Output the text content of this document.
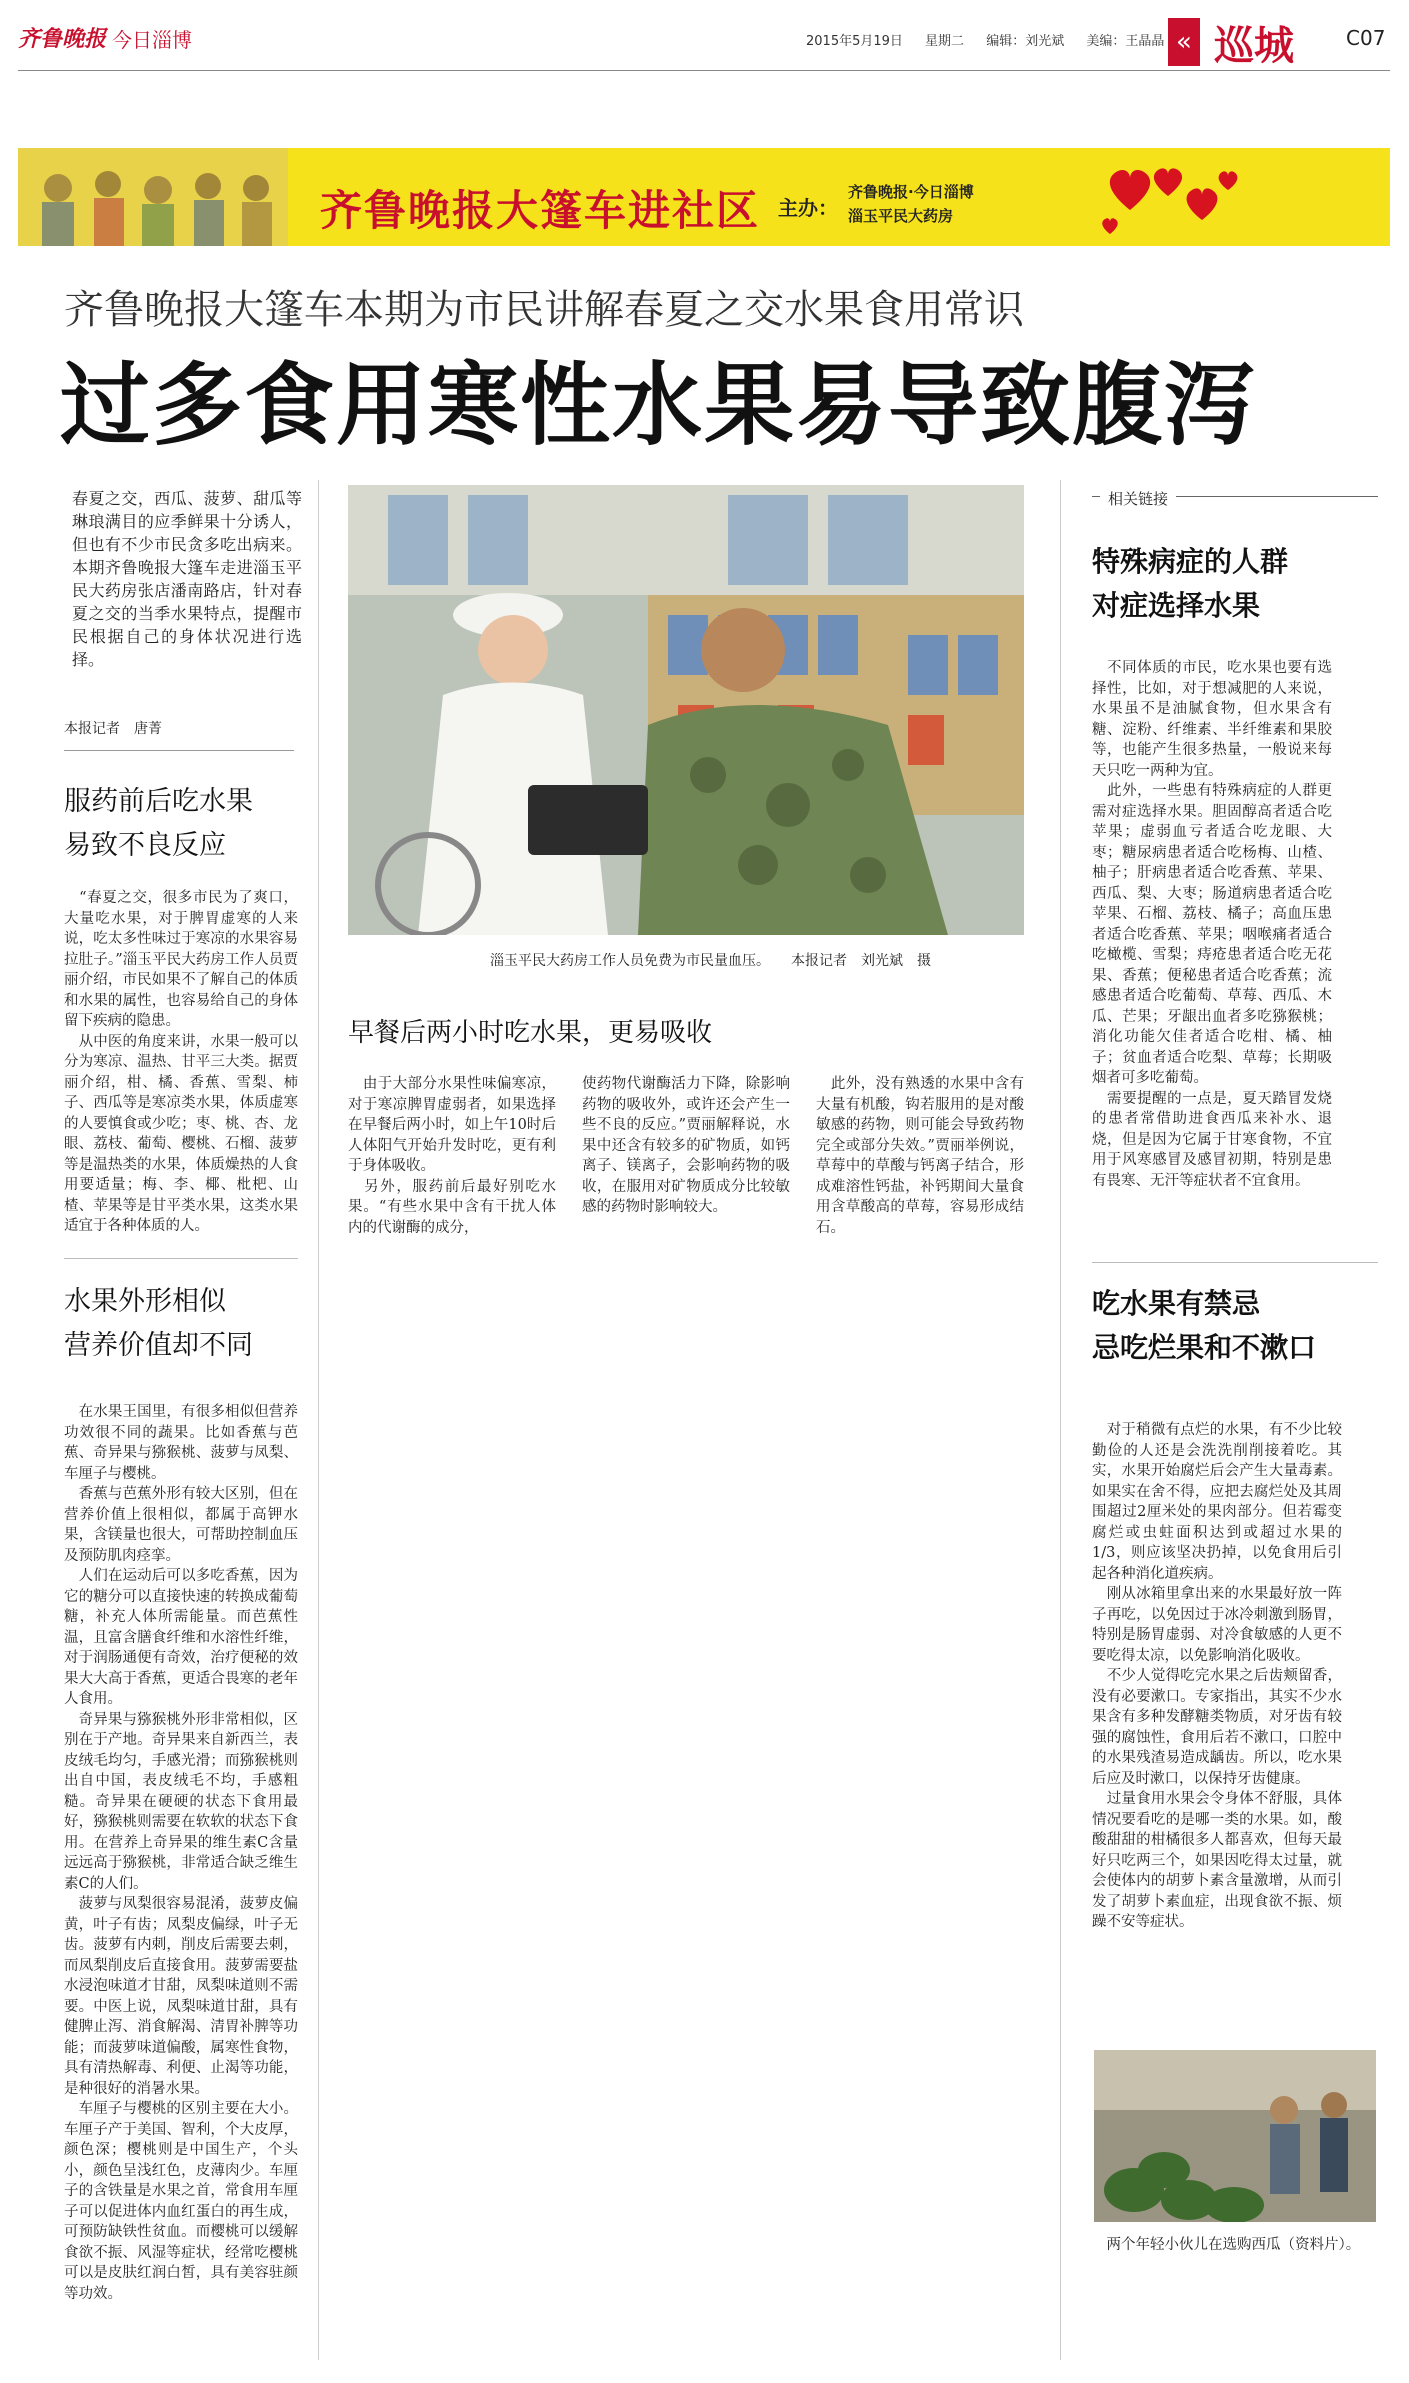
齐鲁晚报 今日淄博	2015年5月19日 星期二 编辑：刘光斌 美编：王晶晶 « 巡城	C07
齐鲁晚报大篷车进社区 主办：
齐鲁晚报·今日淄博
淄玉平民大药房
齐鲁晚报大篷车本期为市民讲解春夏之交水果食用常识
过多食用寒性水果易导致腹泻
春夏之交，西瓜、菠萝、甜瓜等琳琅满目的应季鲜果十分诱人，但也有不少市民贪多吃出病来。本期齐鲁晚报大篷车走进淄玉平民大药房张店潘南路店，针对春夏之交的当季水果特点，提醒市民根据自己的身体状况进行选择。
本报记者　唐菁
服药前后吃水果
易致不良反应
　“春夏之交，很多市民为了爽口，大量吃水果，对于脾胃虚寒的人来说，吃太多性味过于寒凉的水果容易拉肚子。”淄玉平民大药房工作人员贾丽介绍，市民如果不了解自己的体质和水果的属性，也容易给自己的身体留下疾病的隐患。
　从中医的角度来讲，水果一般可以分为寒凉、温热、甘平三大类。据贾丽介绍，柑、橘、香蕉、雪梨、柿子、西瓜等是寒凉类水果，体质虚寒的人要慎食或少吃；枣、桃、杏、龙眼、荔枝、葡萄、樱桃、石榴、菠萝等是温热类的水果，体质燥热的人食用要适量；梅、李、椰、枇杷、山楂、苹果等是甘平类水果，这类水果适宜于各种体质的人。
水果外形相似
营养价值却不同
　在水果王国里，有很多相似但营养功效很不同的蔬果。比如香蕉与芭蕉、奇异果与猕猴桃、菠萝与凤梨、车厘子与樱桃。
　香蕉与芭蕉外形有较大区别，但在营养价值上很相似，都属于高钾水果，含镁量也很大，可帮助控制血压及预防肌肉痉挛。
　人们在运动后可以多吃香蕉，因为它的糖分可以直接快速的转换成葡萄糖，补充人体所需能量。而芭蕉性温，且富含膳食纤维和水溶性纤维，对于润肠通便有奇效，治疗便秘的效果大大高于香蕉，更适合畏寒的老年人食用。
　奇异果与猕猴桃外形非常相似，区别在于产地。奇异果来自新西兰，表皮绒毛均匀，手感光滑；而猕猴桃则出自中国，表皮绒毛不均，手感粗糙。奇异果在硬硬的状态下食用最好，猕猴桃则需要在软软的状态下食用。在营养上奇异果的维生素C含量远远高于猕猴桃，非常适合缺乏维生素C的人们。
　菠萝与凤梨很容易混淆，菠萝皮偏黄，叶子有齿；凤梨皮偏绿，叶子无齿。菠萝有内刺，削皮后需要去刺，而凤梨削皮后直接食用。菠萝需要盐水浸泡味道才甘甜，凤梨味道则不需要。中医上说，凤梨味道甘甜，具有健脾止泻、消食解渴、清胃补脾等功能；而菠萝味道偏酸，属寒性食物，具有清热解毒、利便、止渴等功能，是种很好的消暑水果。
　车厘子与樱桃的区别主要在大小。车厘子产于美国、智利，个大皮厚，颜色深；樱桃则是中国生产，个头小，颜色呈浅红色，皮薄肉少。车厘子的含铁量是水果之首，常食用车厘子可以促进体内血红蛋白的再生成，可预防缺铁性贫血。而樱桃可以缓解食欲不振、风湿等症状，经常吃樱桃可以是皮肤红润白皙，具有美容驻颜等功效。
淄玉平民大药房工作人员免费为市民量血压。　　本报记者　刘光斌　摄
早餐后两小时吃水果，更易吸收
　由于大部分水果性味偏寒凉，对于寒凉脾胃虚弱者，如果选择在早餐后两小时，如上午10时后人体阳气开始升发时吃，更有利于身体吸收。
　另外，服药前后最好别吃水果。“有些水果中含有干扰人体内的代谢酶的成分，
使药物代谢酶活力下降，除影响药物的吸收外，或许还会产生一些不良的反应。”贾丽解释说，水果中还含有较多的矿物质，如钙离子、镁离子，会影响药物的吸收，在服用对矿物质成分比较敏感的药物时影响较大。
　此外，没有熟透的水果中含有大量有机酸，钩若服用的是对酸敏感的药物，则可能会导致药物完全或部分失效。”贾丽举例说，草莓中的草酸与钙离子结合，形成难溶性钙盐，补钙期间大量食用含草酸高的草莓，容易形成结石。
相关链接
特殊病症的人群
对症选择水果
　不同体质的市民，吃水果也要有选择性，比如，对于想减肥的人来说，水果虽不是油腻食物，但水果含有糖、淀粉、纤维素、半纤维素和果胶等，也能产生很多热量，一般说来每天只吃一两种为宜。
　此外，一些患有特殊病症的人群更需对症选择水果。胆固醇高者适合吃苹果；虚弱血亏者适合吃龙眼、大枣；糖尿病患者适合吃杨梅、山楂、柚子；肝病患者适合吃香蕉、苹果、西瓜、梨、大枣；肠道病患者适合吃苹果、石榴、荔枝、橘子；高血压患者适合吃香蕉、苹果；咽喉痛者适合吃橄榄、雪梨；痔疮患者适合吃无花果、香蕉；便秘患者适合吃香蕉；流感患者适合吃葡萄、草莓、西瓜、木瓜、芒果；牙龈出血者多吃猕猴桃；消化功能欠佳者适合吃柑、橘、柚子；贫血者适合吃梨、草莓；长期吸烟者可多吃葡萄。
　需要提醒的一点是，夏天踏冒发烧的患者常借助进食西瓜来补水、退烧，但是因为它属于甘寒食物，不宜用于风寒感冒及感冒初期，特别是患有畏寒、无汗等症状者不宜食用。
吃水果有禁忌
忌吃烂果和不漱口
　对于稍微有点烂的水果，有不少比较勤俭的人还是会洗洗削削接着吃。其实，水果开始腐烂后会产生大量毒素。如果实在舍不得，应把去腐烂处及其周围超过2厘米处的果肉部分。但若霉变腐烂或虫蛀面积达到或超过水果的1/3，则应该坚决扔掉，以免食用后引起各种消化道疾病。
　刚从冰箱里拿出来的水果最好放一阵子再吃，以免因过于冰冷刺激到肠胃，特别是肠胃虚弱、对冷食敏感的人更不要吃得太凉，以免影响消化吸收。
　不少人觉得吃完水果之后齿颊留香，没有必要漱口。专家指出，其实不少水果含有多种发酵糖类物质，对牙齿有较强的腐蚀性，食用后若不漱口，口腔中的水果残渣易造成龋齿。所以，吃水果后应及时漱口，以保持牙齿健康。
　过量食用水果会令身体不舒服，具体情况要看吃的是哪一类的水果。如，酸酸甜甜的柑橘很多人都喜欢，但每天最好只吃两三个，如果因吃得太过量，就会使体内的胡萝卜素含量激增，从而引发了胡萝卜素血症，出现食欲不振、烦躁不安等症状。
　两个年轻小伙儿在选购西瓜（资料片）。
